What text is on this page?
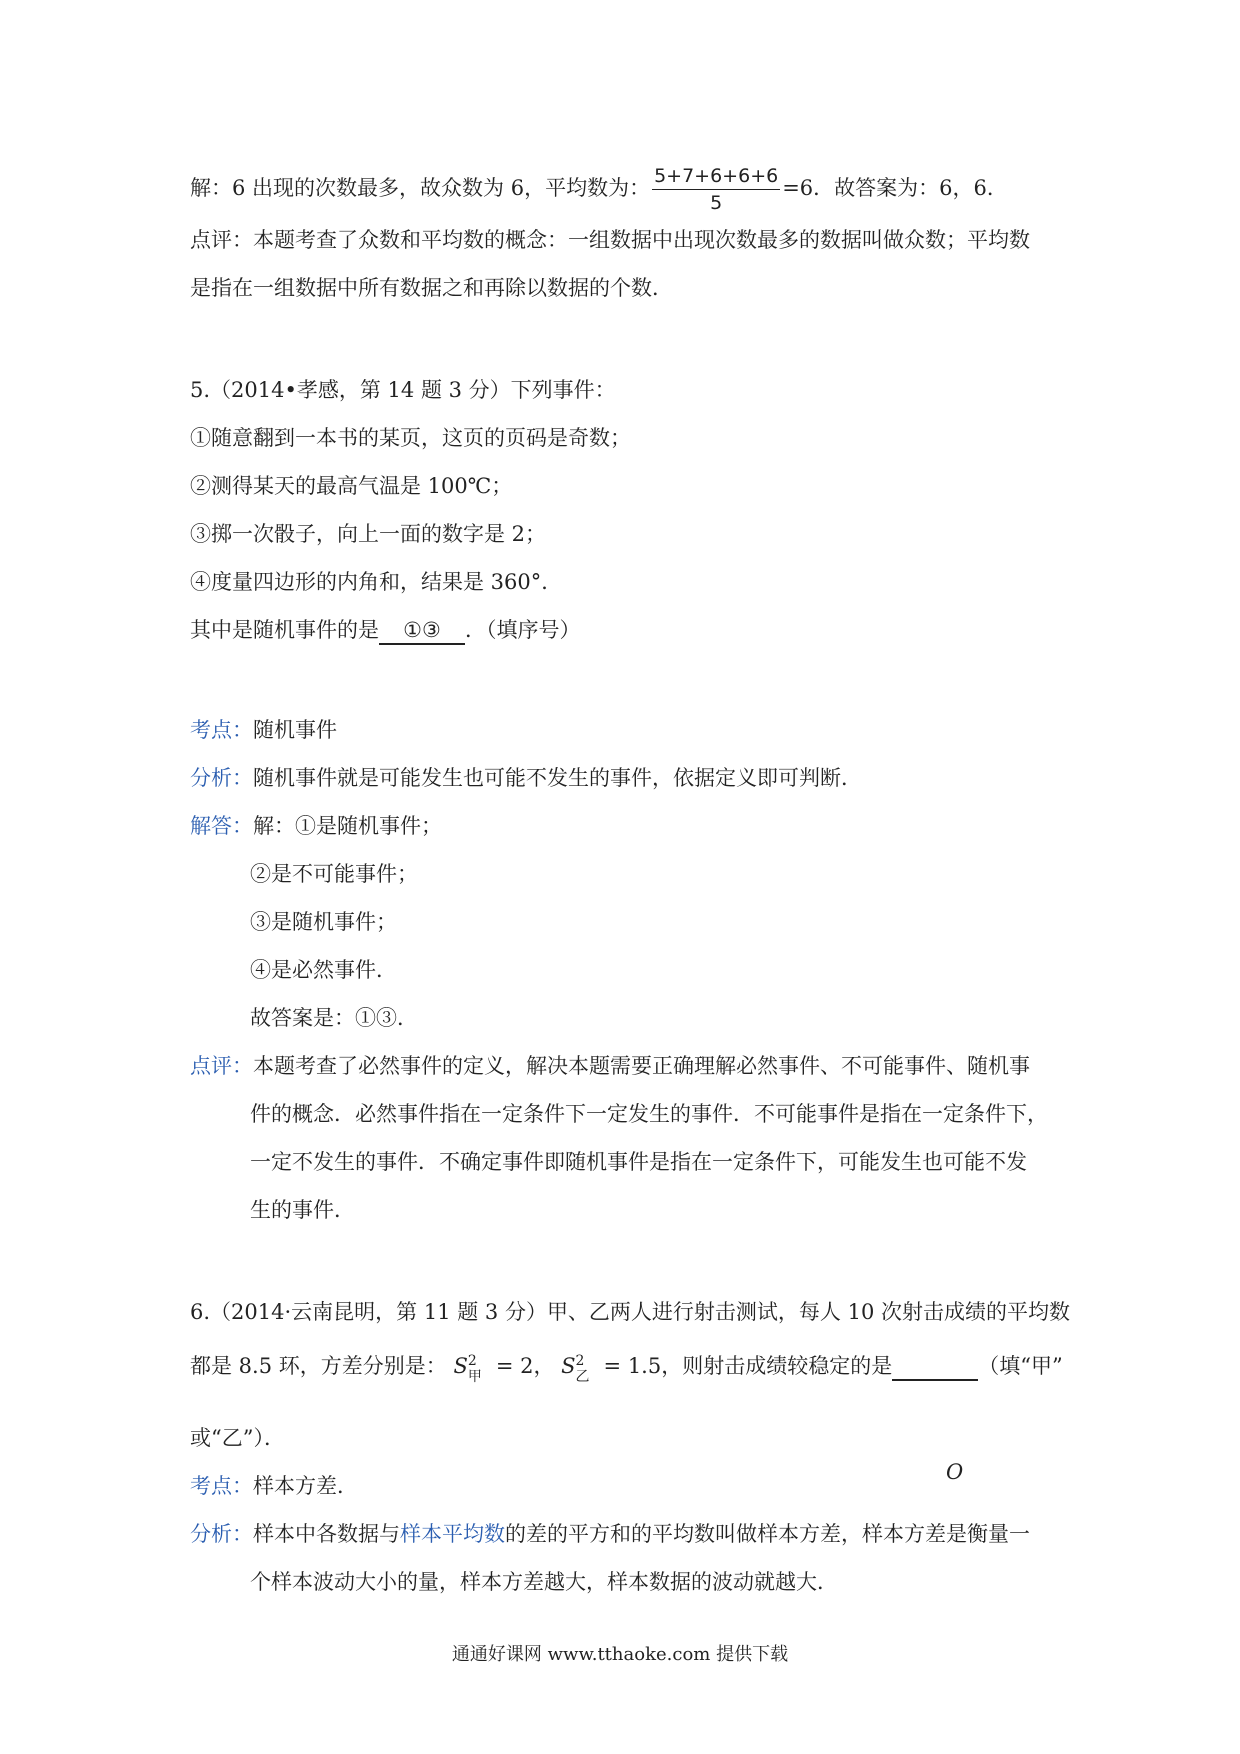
解：6 出现的次数最多，故众数为 6，平均数为： $\frac{5+7+6+6+6}{5} =6$．故答案为：6，6．
点评：本题考查了众数和平均数的概念：一组数据中出现次数最多的数据叫做众数；平均数
是指在一组数据中所有数据之和再除以数据的个数．
5.（2014•孝感，第 14 题 3 分）下列事件：
①随意翻到一本书的某页，这页的页码是奇数；
②测得某天的最高气温是 100℃；
③掷一次骰子，向上一面的数字是 2；
④度量四边形的内角和，结果是 360°．
其中是随机事件的是 ①③ ．（填序号）
考点：随机事件
分析：随机事件就是可能发生也可能不发生的事件，依据定义即可判断．
解答：解：①是随机事件；
②是不可能事件；
③是随机事件；
④是必然事件．
故答案是：①③．
点评：本题考查了必然事件的定义，解决本题需要正确理解必然事件、不可能事件、随机事
件的概念．必然事件指在一定条件下一定发生的事件．不可能事件是指在一定条件下，
一定不发生的事件．不确定事件即随机事件是指在一定条件下，可能发生也可能不发
生的事件．
6.（2014·云南昆明，第 11 题 3 分）甲、乙两人进行射击测试，每人 10 次射击成绩的平均数
都是 8.5 环，方差分别是： S 2
甲 = 2， S 2
乙 = 1.5，则射击成绩较稳定的是	（填“甲”
或“乙”）．
考点：样本方差．
O
分析：样本中各数据与样本平均数的差的平方和的平均数叫做样本方差，样本方差是衡量一
个样本波动大小的量，样本方差越大，样本数据的波动就越大．
通通好课网 www.tthaoke.com 提供下载
